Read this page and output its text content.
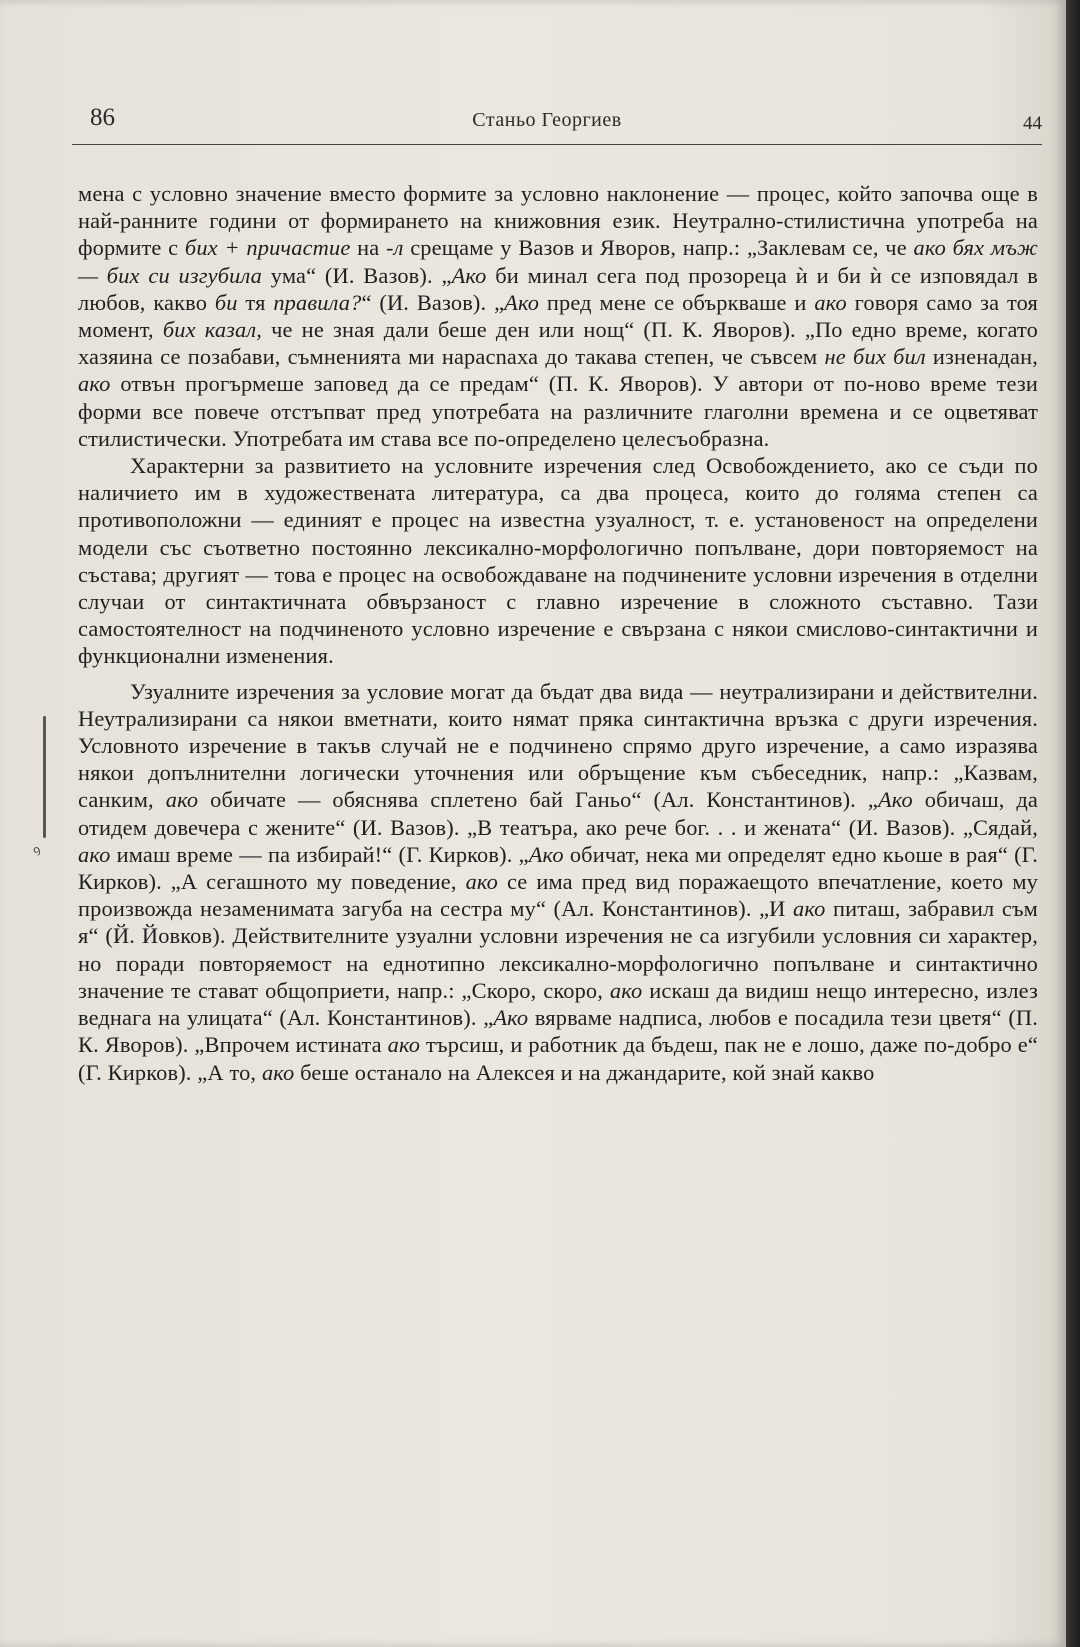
86	Станьо Георгиев	44

мена с условно значение вместо формите за условно наклонение — процес, който започва още в най-ранните години от формирането на книжовния език. Неутрално-стилистична употреба на формите с бих + причастие на -л срещаме у Вазов и Яворов, напр.: „Заклевам се, че ако бях мъж — бих си изгубила ума“ (И. Вазов). „Ако би минал сега под прозореца ѝ и би ѝ се изповядал в любов, какво би тя правила?“ (И. Вазов). „Ако пред мене се объркваше и ако говоря само за тоя момент, бих казал, че не зная дали беше ден или нощ“ (П. К. Яворов). „По едно време, когато хазяина се позабави, съмненията ми нарасnaха до такава степен, че съвсем не бих бил изненадан, ако отвън прогърмеше заповед да се предам“ (П. К. Яворов). У автори от по-ново време тези форми все повече отстъпват пред употребата на различните глаголни времена и се оцветяват стилистически. Употребата им става все по-определено целесъобразна.

Характерни за развитието на условните изречения след Освобождението, ако се съди по наличието им в художествената литература, са два процеса, които до голяма степен са противоположни — единият е процес на известна узуалност, т. е. установеност на определени модели със съответно постоянно лексикално-морфологично попълване, дори повторяемост на състава; другият — това е процес на освобождаване на подчинените условни изречения в отделни случаи от синтактичната обвързаност с главно изречение в сложното съставно. Тази самостоятелност на подчиненото условно изречение е свързана с някои смислово-синтактични и функционални изменения.

Узуалните изречения за условие могат да бъдат два вида — неутрализирани и действителни. Неутрализирани са някои вметнати, които нямат пряка синтактична връзка с други изречения. Условното изречение в такъв случай не е подчинено спрямо друго изречение, а само изразява някои допълнителни логически уточнения или обръщение към събеседник, напр.: „Казвам, санким, ако обичате — обяснява сплетено бай Ганьо“ (Ал. Константинов). „Ако обичаш, да отидем довечера с жените“ (И. Вазов). „В театъра, ако рече бог. . . и жената“ (И. Вазов). „Сядай, ако имаш време — па избирай!“ (Г. Кирков). „Ако обичат, нека ми определят едно кьоше в рая“ (Г. Кирков). „А сегашното му поведение, ако се има пред вид поражаещото впечатление, което му произвожда незаменимата загуба на сестра му“ (Ал. Константинов). „И ако питаш, забравил съм я“ (Й. Йовков). Действителните узуални условни изречения не са изгубили условния си характер, но поради повторяемост на еднотипно лексикално-морфологично попълване и синтактично значение те стават общоприети, напр.: „Скоро, скоро, ако искаш да видиш нещо интересно, излез веднага на улицата“ (Ал. Константинов). „Ако вярваме надписа, любов е посадила тези цветя“ (П. К. Яворов). „Впрочем истината ако търсиш, и работник да бъдеш, пак не е лошо, даже по-добро е“ (Г. Кирков). „А то, ако беше останало на Алексея и на джандарите, кой знай какво

ꝰ
